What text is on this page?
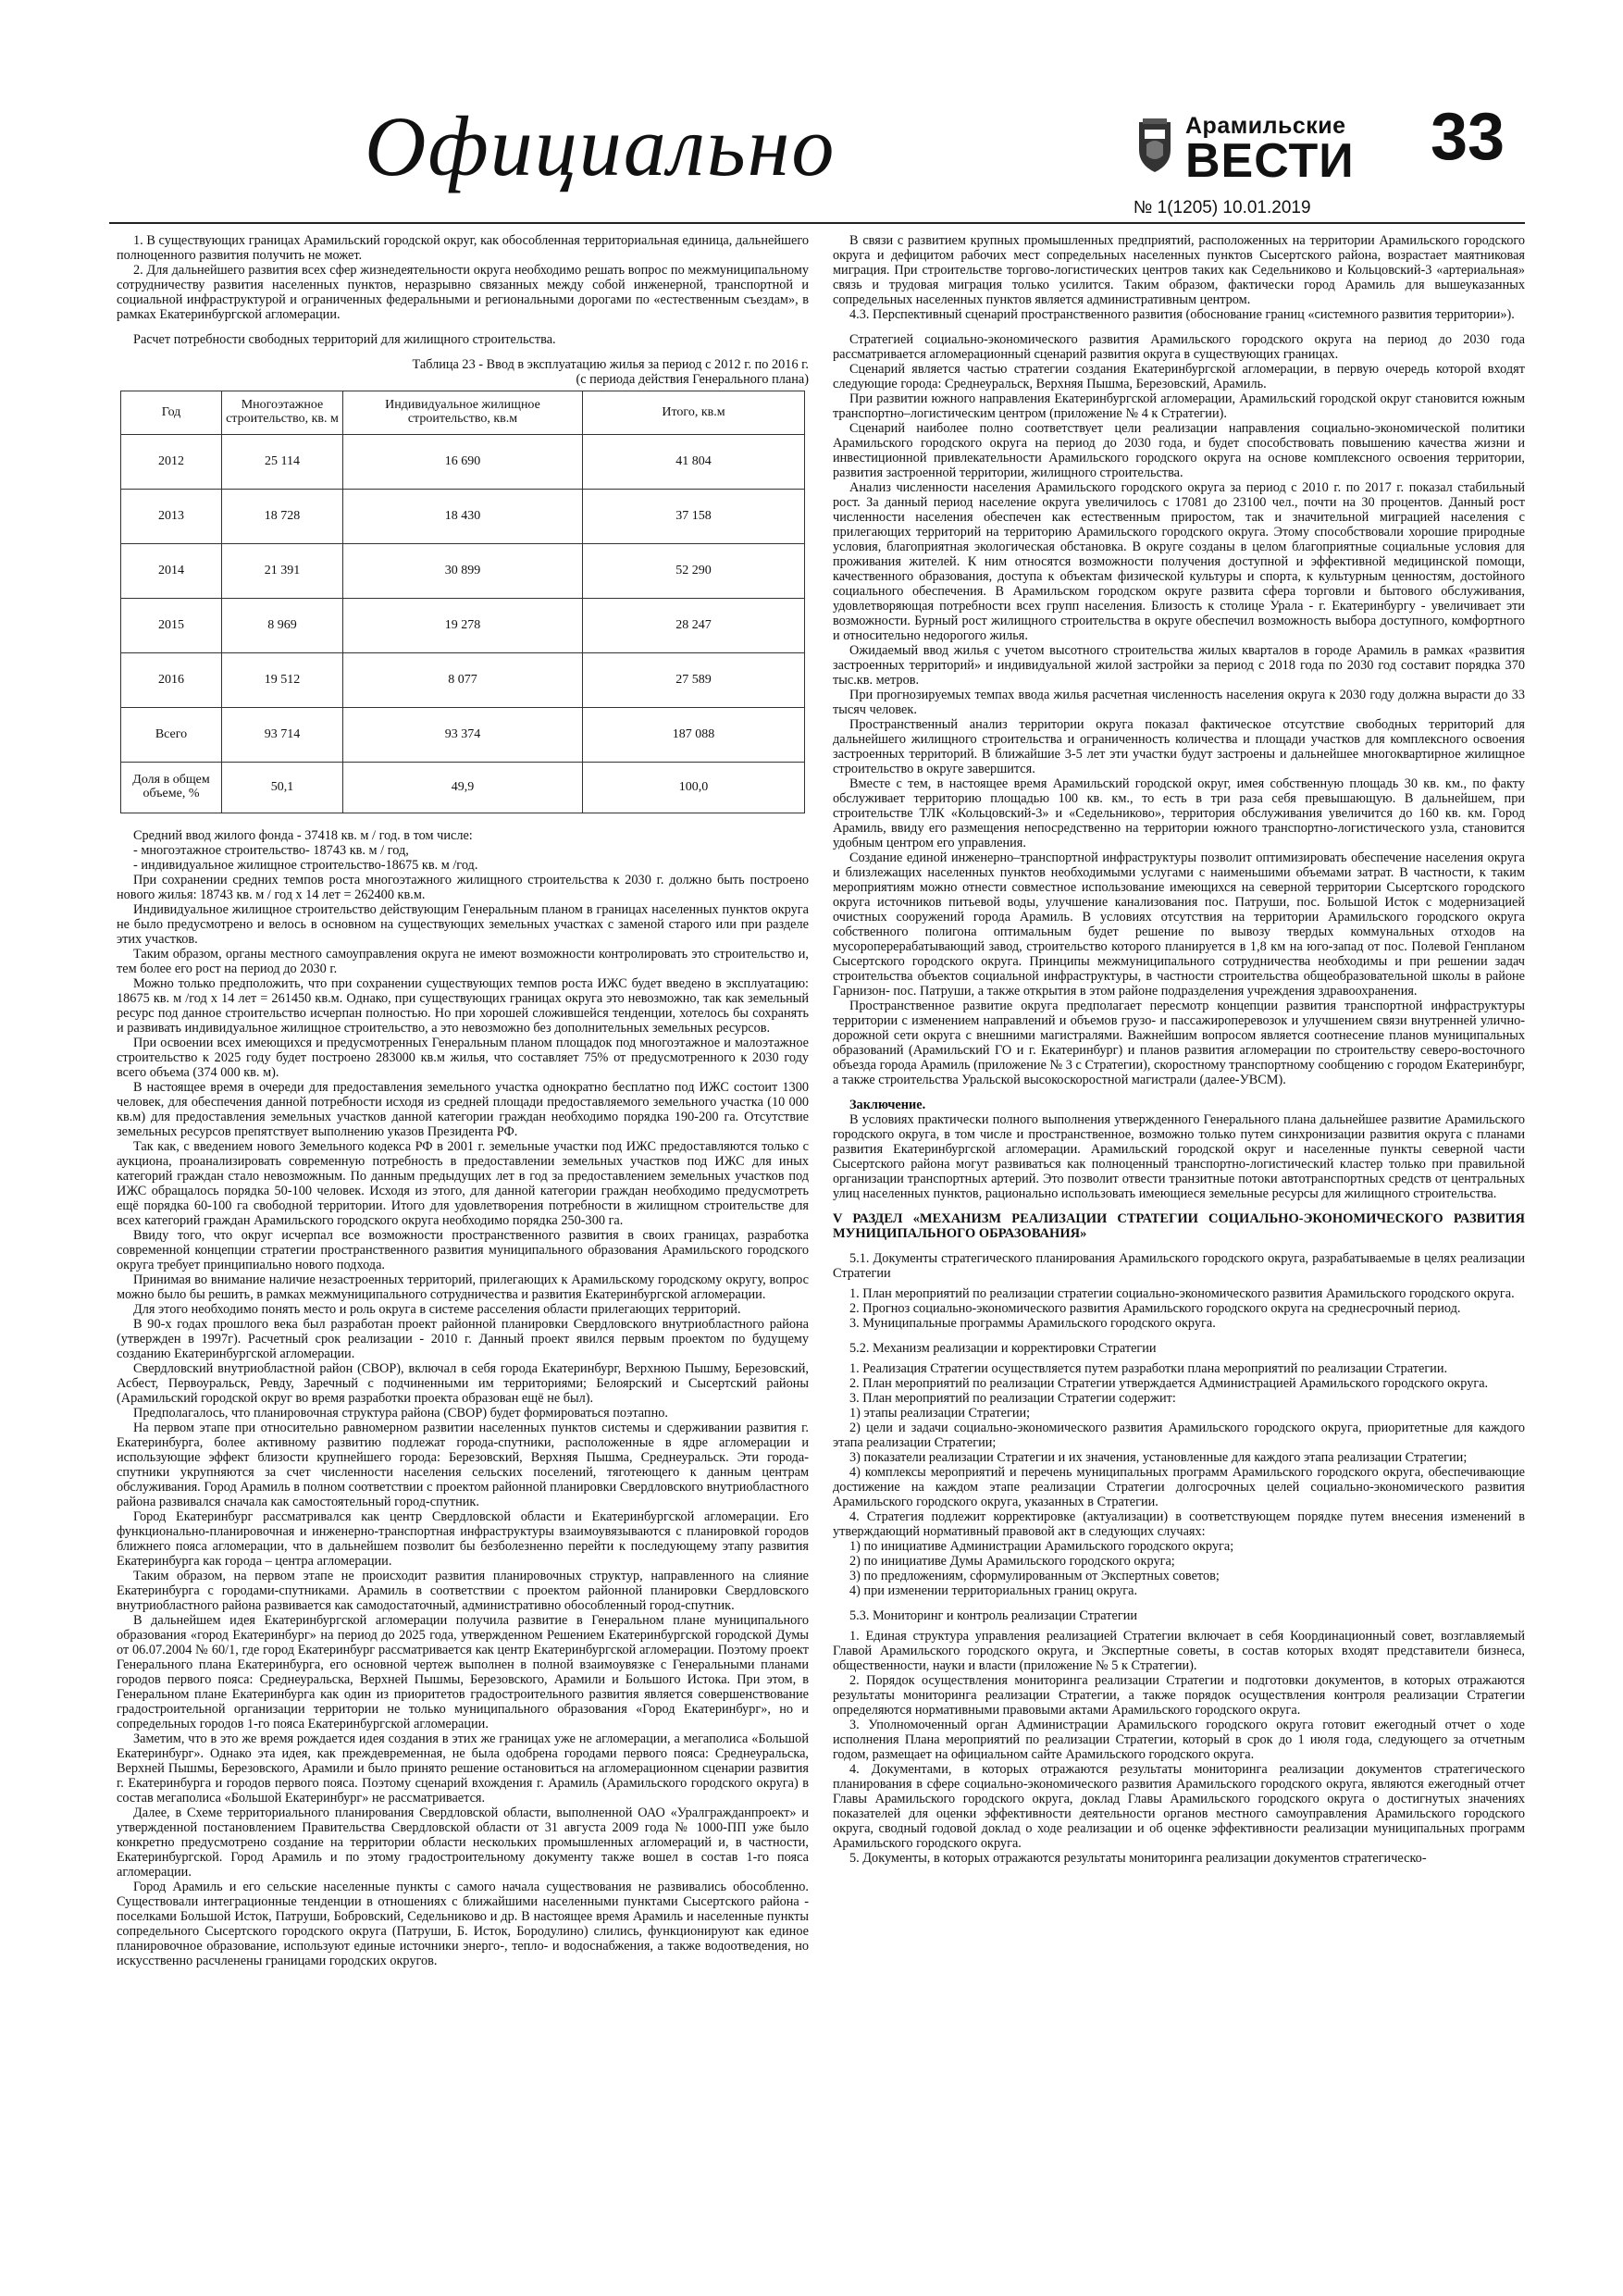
Официально	Арамильские
ВЕСТИ
№ 1(1205) 10.01.2019
33

1. В существующих границах Арамильский городской округ, как обособленная территориальная единица, дальнейшего полноценного развития получить не может.

2. Для дальнейшего развития всех сфер жизнедеятельности округа необходимо решать вопрос по межмуниципальному сотрудничеству развития населенных пунктов, неразрывно связанных между собой инженерной, транспортной и социальной инфраструктурой и ограниченных федеральными и региональными дорогами по «естественным съездам», в рамках Екатеринбургской агломерации.

Расчет потребности свободных территорий для жилищного строительства.

Таблица 23 - Ввод в эксплуатацию жилья за период с 2012 г. по 2016 г.
(с периода действия Генерального плана)
Год	Многоэтажное строительство, кв. м	Индивидуальное жилищное строительство, кв.м	Итого, кв.м
2012	25 114	16 690	41 804
2013	18 728	18 430	37 158
2014	21 391	30 899	52 290
2015	8 969	19 278	28 247
2016	19 512	8 077	27 589
Всего	93 714	93 374	187 088
Доля в общем объеме, %	50,1	49,9	100,0

Средний ввод жилого фонда - 37418 кв. м / год. в том числе:

- многоэтажное строительство- 18743 кв. м / год,

- индивидуальное жилищное строительство-18675 кв. м /год.

При сохранении средних темпов роста многоэтажного жилищного строительства к 2030 г. должно быть построено нового жилья: 18743 кв. м / год х 14 лет = 262400 кв.м.

Индивидуальное жилищное строительство действующим Генеральным планом в границах населенных пунктов округа не было предусмотрено и велось в основном на существующих земельных участках с заменой старого или при разделе этих участков.

Таким образом, органы местного самоуправления округа не имеют возможности контролировать это строительство и, тем более его рост на период до 2030 г.

Можно только предположить, что при сохранении существующих темпов роста ИЖС будет введено в эксплуатацию: 18675 кв. м /год х 14 лет = 261450 кв.м. Однако, при существующих границах округа это невозможно, так как земельный ресурс под данное строительство исчерпан полностью. Но при хорошей сложившейся тенденции, хотелось бы сохранять и развивать индивидуальное жилищное строительство, а это невозможно без дополнительных земельных ресурсов.

При освоении всех имеющихся и предусмотренных Генеральным планом площадок под многоэтажное и малоэтажное строительство к 2025 году будет построено 283000 кв.м жилья, что составляет 75% от предусмотренного к 2030 году всего объема (374 000 кв. м).

В настоящее время в очереди для предоставления земельного участка однократно бесплатно под ИЖС состоит 1300 человек, для обеспечения данной потребности исходя из средней площади предоставляемого земельного участка (10 000 кв.м) для предоставления земельных участков данной категории граждан необходимо порядка 190-200 га. Отсутствие земельных ресурсов препятствует выполнению указов Президента РФ.

Так как, с введением нового Земельного кодекса РФ в 2001 г. земельные участки под ИЖС предоставляются только с аукциона, проанализировать современную потребность в предоставлении земельных участков под ИЖС для иных категорий граждан стало невозможным. По данным предыдущих лет в год за предоставлением земельных участков под ИЖС обращалось порядка 50-100 человек. Исходя из этого, для данной категории граждан необходимо предусмотреть ещё порядка 60-100 га свободной территории. Итого для удовлетворения потребности в жилищном строительстве для всех категорий граждан Арамильского городского округа необходимо порядка 250-300 га.

Ввиду того, что округ исчерпал все возможности пространственного развития в своих границах, разработка современной концепции стратегии пространственного развития муниципального образования Арамильского городского округа требует принципиально нового подхода.

Принимая во внимание наличие незастроенных территорий, прилегающих к Арамильскому городскому округу, вопрос можно было бы решить, в рамках межмуниципального сотрудничества и развития Екатеринбургской агломерации.

Для этого необходимо понять место и роль округа в системе расселения области прилегающих территорий.

В 90-х годах прошлого века был разработан проект районной планировки Свердловского внутриобластного района (утвержден в 1997г). Расчетный срок реализации - 2010 г. Данный проект явился первым проектом по будущему созданию Екатеринбургской агломерации.

Свердловский внутриобластной район (СВОР), включал в себя города Екатеринбург, Верхнюю Пышму, Березовский, Асбест, Первоуральск, Ревду, Заречный с подчиненными им территориями; Белоярский и Сысертский районы (Арамильский городской округ во время разработки проекта образован ещё не был).

Предполагалось, что планировочная структура района (СВОР) будет формироваться поэтапно.

На первом этапе при относительно равномерном развитии населенных пунктов системы и сдерживании развития г. Екатеринбурга, более активному развитию подлежат города-спутники, расположенные в ядре агломерации и использующие эффект близости крупнейшего города: Березовский, Верхняя Пышма, Среднеуральск. Эти города-спутники укрупняются за счет численности населения сельских поселений, тяготеющего к данным центрам обслуживания. Город Арамиль в полном соответствии с проектом районной планировки Свердловского внутриобластного района развивался сначала как самостоятельный город-спутник.

Город Екатеринбург рассматривался как центр Свердловской области и Екатеринбургской агломерации. Его функционально-планировочная и инженерно-транспортная инфраструктуры взаимоувязываются с планировкой городов ближнего пояса агломерации, что в дальнейшем позволит бы безболезненно перейти к последующему этапу развития Екатеринбурга как города – центра агломерации.

Таким образом, на первом этапе не происходит развития планировочных структур, направленного на слияние Екатеринбурга с городами-спутниками. Арамиль в соответствии с проектом районной планировки Свердловского внутриобластного района развивается как самодостаточный, административно обособленный город-спутник.

В дальнейшем идея Екатеринбургской агломерации получила развитие в Генеральном плане муниципального образования «город Екатеринбург» на период до 2025 года, утвержденном Решением Екатеринбургской городской Думы от 06.07.2004 № 60/1, где город Екатеринбург рассматривается как центр Екатеринбургской агломерации. Поэтому проект Генерального плана Екатеринбурга, его основной чертеж выполнен в полной взаимоувязке с Генеральными планами городов первого пояса: Среднеуральска, Верхней Пышмы, Березовского, Арамили и Большого Истока. При этом, в Генеральном плане Екатеринбурга как один из приоритетов градостроительного развития является совершенствование градостроительной организации территории не только муниципального образования «Город Екатеринбург», но и сопредельных городов 1-го пояса Екатеринбургской агломерации.

Заметим, что в это же время рождается идея создания в этих же границах уже не агломерации, а мегаполиса «Большой Екатеринбург». Однако эта идея, как преждевременная, не была одобрена городами первого пояса: Среднеуральска, Верхней Пышмы, Березовского, Арамили и было принято решение остановиться на агломерационном сценарии развития г. Екатеринбурга и городов первого пояса. Поэтому сценарий вхождения г. Арамиль (Арамильского городского округа) в состав мегаполиса «Большой Екатеринбург» не рассматривается.

Далее, в Схеме территориального планирования Свердловской области, выполненной ОАО «Уралгражданпроект» и утвержденной постановлением Правительства Свердловской области от 31 августа 2009 года № 1000-ПП уже было конкретно предусмотрено создание на территории области нескольких промышленных агломераций и, в частности, Екатеринбургской. Город Арамиль и по этому градостроительному документу также вошел в состав 1-го пояса агломерации.

Город Арамиль и его сельские населенные пункты с самого начала существования не развивались обособленно. Существовали интеграционные тенденции в отношениях с ближайшими населенными пунктами Сысертского района - поселками Большой Исток, Патруши, Бобровский, Седельниково и др. В настоящее время Арамиль и населенные пункты сопредельного Сысертского городского округа (Патруши, Б. Исток, Бородулино) слились, функционируют как единое планировочное образование, используют единые источники энерго-, тепло- и водоснабжения, а также водоотведения, но искусственно расчленены границами городских округов.

В связи с развитием крупных промышленных предприятий, расположенных на территории Арамильского городского округа и дефицитом рабочих мест сопредельных населенных пунктов Сысертского района, возрастает маятниковая миграция. При строительстве торгово-логистических центров таких как Седельниково и Кольцовский-3 «артериальная» связь и трудовая миграция только усилится. Таким образом, фактически город Арамиль для вышеуказанных сопредельных населенных пунктов является административным центром.

4.3. Перспективный сценарий пространственного развития (обоснование границ «системного развития территории»).

Стратегией социально-экономического развития Арамильского городского округа на период до 2030 года рассматривается агломерационный сценарий развития округа в существующих границах.

Сценарий является частью стратегии создания Екатеринбургской агломерации, в первую очередь которой входят следующие города: Среднеуральск, Верхняя Пышма, Березовский, Арамиль.

При развитии южного направления Екатеринбургской агломерации, Арамильский городской округ становится южным транспортно–логистическим центром (приложение № 4 к Стратегии).

Сценарий наиболее полно соответствует цели реализации направления социально-экономической политики Арамильского городского округа на период до 2030 года, и будет способствовать повышению качества жизни и инвестиционной привлекательности Арамильского городского округа на основе комплексного освоения территории, развития застроенной территории, жилищного строительства.

Анализ численности населения Арамильского городского округа за период с 2010 г. по 2017 г. показал стабильный рост. За данный период население округа увеличилось с 17081 до 23100 чел., почти на 30 процентов. Данный рост численности населения обеспечен как естественным приростом, так и значительной миграцией населения с прилегающих территорий на территорию Арамильского городского округа. Этому способствовали хорошие природные условия, благоприятная экологическая обстановка. В округе созданы в целом благоприятные социальные условия для проживания жителей. К ним относятся возможности получения доступной и эффективной медицинской помощи, качественного образования, доступа к объектам физической культуры и спорта, к культурным ценностям, достойного социального обеспечения. В Арамильском городском округе развита сфера торговли и бытового обслуживания, удовлетворяющая потребности всех групп населения. Близость к столице Урала - г. Екатеринбургу - увеличивает эти возможности. Бурный рост жилищного строительства в округе обеспечил возможность выбора доступного, комфортного и относительно недорогого жилья.

Ожидаемый ввод жилья с учетом высотного строительства жилых кварталов в городе Арамиль в рамках «развития застроенных территорий» и индивидуальной жилой застройки за период с 2018 года по 2030 год составит порядка 370 тыс.кв. метров.

При прогнозируемых темпах ввода жилья расчетная численность населения округа к 2030 году должна вырасти до 33 тысяч человек.

Пространственный анализ территории округа показал фактическое отсутствие свободных территорий для дальнейшего жилищного строительства и ограниченность количества и площади участков для комплексного освоения застроенных территорий. В ближайшие 3-5 лет эти участки будут застроены и дальнейшее многоквартирное жилищное строительство в округе завершится.

Вместе с тем, в настоящее время Арамильский городской округ, имея собственную площадь 30 кв. км., по факту обслуживает территорию площадью 100 кв. км., то есть в три раза себя превышающую. В дальнейшем, при строительстве ТЛК «Кольцовский-3» и «Седельниково», территория обслуживания увеличится до 160 кв. км. Город Арамиль, ввиду его размещения непосредственно на территории южного транспортно-логистического узла, становится удобным центром его управления.

Создание единой инженерно–транспортной инфраструктуры позволит оптимизировать обеспечение населения округа и близлежащих населенных пунктов необходимыми услугами с наименьшими объемами затрат. В частности, к таким мероприятиям можно отнести совместное использование имеющихся на северной территории Сысертского городского округа источников питьевой воды, улучшение канализования пос. Патруши, пос. Большой Исток с модернизацией очистных сооружений города Арамиль. В условиях отсутствия на территории Арамильского городского округа собственного полигона оптимальным будет решение по вывозу твердых коммунальных отходов на мусороперерабатывающий завод, строительство которого планируется в 1,8 км на юго-запад от пос. Полевой Генпланом Сысертского городского округа. Принципы межмуниципального сотрудничества необходимы и при решении задач строительства объектов социальной инфраструктуры, в частности строительства общеобразовательной школы в районе Гарнизон- пос. Патруши, а также открытия в этом районе подразделения учреждения здравоохранения.

Пространственное развитие округа предполагает пересмотр концепции развития транспортной инфраструктуры территории с изменением направлений и объемов грузо- и пассажироперевозок и улучшением связи внутренней улично-дорожной сети округа с внешними магистралями. Важнейшим вопросом является соотнесение планов муниципальных образований (Арамильский ГО и г. Екатеринбург) и планов развития агломерации по строительству северо-восточного объезда города Арамиль (приложение № 3 с Стратегии), скоростному транспортному сообщению с городом Екатеринбург, а также строительства Уральской высокоскоростной магистрали (далее-УВСМ).

Заключение.

В условиях практически полного выполнения утвержденного Генерального плана дальнейшее развитие Арамильского городского округа, в том числе и пространственное, возможно только путем синхронизации развития округа с планами развития Екатеринбургской агломерации. Арамильский городской округ и населенные пункты северной части Сысертского района могут развиваться как полноценный транспортно-логистический кластер только при правильной организации транспортных артерий. Это позволит отвести транзитные потоки автотранспортных средств от центральных улиц населенных пунктов, рационально использовать имеющиеся земельные ресурсы для жилищного строительства.

V РАЗДЕЛ «МЕХАНИЗМ РЕАЛИЗАЦИИ СТРАТЕГИИ СОЦИАЛЬНО-ЭКОНОМИЧЕСКОГО РАЗВИТИЯ МУНИЦИПАЛЬНОГО ОБРАЗОВАНИЯ»

5.1. Документы стратегического планирования Арамильского городского округа, разрабатываемые в целях реализации Стратегии

1. План мероприятий по реализации стратегии социально-экономического развития Арамильского городского округа.

2. Прогноз социально-экономического развития Арамильского городского округа на среднесрочный период.

3. Муниципальные программы Арамильского городского округа.

5.2. Механизм реализации и корректировки Стратегии

1. Реализация Стратегии осуществляется путем разработки плана мероприятий по реализации Стратегии.

2. План мероприятий по реализации Стратегии утверждается Администрацией Арамильского городского округа.

3. План мероприятий по реализации Стратегии содержит:

1) этапы реализации Стратегии;

2) цели и задачи социально-экономического развития Арамильского городского округа, приоритетные для каждого этапа реализации Стратегии;

3) показатели реализации Стратегии и их значения, установленные для каждого этапа реализации Стратегии;

4) комплексы мероприятий и перечень муниципальных программ Арамильского городского округа, обеспечивающие достижение на каждом этапе реализации Стратегии долгосрочных целей социально-экономического развития Арамильского городского округа, указанных в Стратегии.

4. Стратегия подлежит корректировке (актуализации) в соответствующем порядке путем внесения изменений в утверждающий нормативный правовой акт в следующих случаях:

1) по инициативе Администрации Арамильского городского округа;

2) по инициативе Думы Арамильского городского округа;

3) по предложениям, сформулированным от Экспертных советов;

4) при изменении территориальных границ округа.

5.3. Мониторинг и контроль реализации Стратегии

1. Единая структура управления реализацией Стратегии включает в себя Координационный совет, возглавляемый Главой Арамильского городского округа, и Экспертные советы, в состав которых входят представители бизнеса, общественности, науки и власти (приложение № 5 к Стратегии).

2. Порядок осуществления мониторинга реализации Стратегии и подготовки документов, в которых отражаются результаты мониторинга реализации Стратегии, а также порядок осуществления контроля реализации Стратегии определяются нормативными правовыми актами Арамильского городского округа.

3. Уполномоченный орган Администрации Арамильского городского округа готовит ежегодный отчет о ходе исполнения Плана мероприятий по реализации Стратегии, который в срок до 1 июля года, следующего за отчетным годом, размещает на официальном сайте Арамильского городского округа.

4. Документами, в которых отражаются результаты мониторинга реализации документов стратегического планирования в сфере социально-экономического развития Арамильского городского округа, являются ежегодный отчет Главы Арамильского городского округа, доклад Главы Арамильского городского округа о достигнутых значениях показателей для оценки эффективности деятельности органов местного самоуправления Арамильского городского округа, сводный годовой доклад о ходе реализации и об оценке эффективности реализации муниципальных программ Арамильского городского округа.

5. Документы, в которых отражаются результаты мониторинга реализации документов стратегическо-
